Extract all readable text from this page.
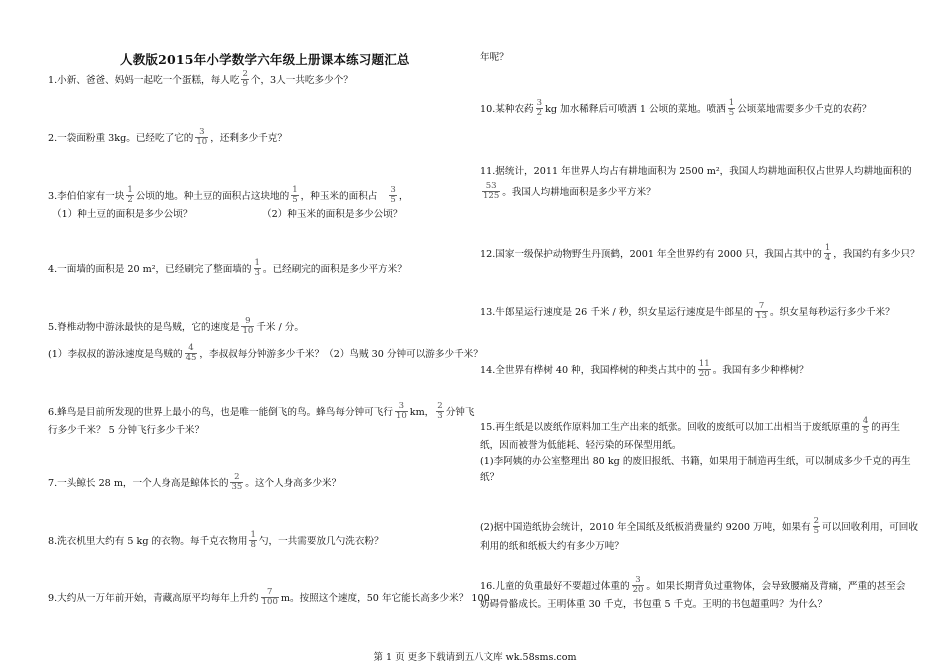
人教版2015年小学数学六年级上册课本练习题汇总
1.小新、爸爸、妈妈一起吃一个蛋糕，每人吃 $\frac{2}{9}$ 个，3人一共吃多少个？
2.一袋面粉重 3kg。已经吃了它的 $\frac{3}{10}$ ，还剩多少千克？
3.李伯伯家有一块 $\frac{1}{2}$ 公顷的地。种土豆的面积占这块地的 $\frac{1}{5}$ ，种玉米的面积占 $\frac{3}{5}$ ，
（1）种土豆的面积是多少公顷？	（2）种玉米的面积是多少公顷？
4.一面墙的面积是 20 m²，已经刷完了整面墙的 $\frac{1}{3}$ 。已经刷完的面积是多少平方米？
5.脊椎动物中游泳最快的是鸟贼，它的速度是 $\frac{9}{10}$ 千米 / 分。
(1）李叔叔的游泳速度是鸟贼的 $\frac{4}{45}$ ，李叔叔每分钟游多少千米？（2）鸟贼 30 分钟可以游多少千米？
6.蜂鸟是目前所发现的世界上最小的鸟，也是唯一能倒飞的鸟。蜂鸟每分钟可飞行 $\frac{3}{10}$ km， $\frac{2}{3}$ 分钟飞
行多少千米？ 5 分钟飞行多少千米？
7.一头鲸长 28 m，一个人身高是鲸体长的 $\frac{2}{35}$ 。这个人身高多少米？
8.洗衣机里大约有 5 kg 的衣物。每千克衣物用 $\frac{1}{8}$ 勺，一共需要放几勺洗衣粉？
9.大约从一万年前开始，青藏高原平均每年上升约 $\frac{7}{100}$ m。按照这个速度，50 年它能长高多少米？ 100
年呢？
10.某种农药 $\frac{3}{2}$ kg 加水稀释后可喷洒 1 公顷的菜地。喷洒 $\frac{1}{5}$ 公顷菜地需要多少千克的农药？
11.据统计，2011 年世界人均占有耕地面积为 2500 m²，我国人均耕地面积仅占世界人均耕地面积的
$\frac{53}{125}$ 。我国人均耕地面积是多少平方米？
12.国家一级保护动物野生丹顶鹤，2001 年全世界约有 2000 只，我国占其中的 $\frac{1}{4}$ ，我国约有多少只？
13.牛郎星运行速度是 26 千米 / 秒，织女星运行速度是牛郎星的 $\frac{7}{13}$ 。织女星每秒运行多少千米？
14.全世界有桦树 40 种，我国桦树的种类占其中的 $\frac{11}{20}$ 。我国有多少种桦树？
15.再生纸是以废纸作原料加工生产出来的纸张。回收的废纸可以加工出相当于废纸原重的 $\frac{4}{5}$ 的再生
纸，因而被誉为低能耗、轻污染的环保型用纸。
(1)李阿姨的办公室整理出 80 kg 的废旧报纸、书籍，如果用于制造再生纸，可以制成多少千克的再生
纸？
(2)据中国造纸协会统计，2010 年全国纸及纸板消费量约 9200 万吨，如果有 $\frac{2}{5}$ 可以回收利用，可回收
利用的纸和纸板大约有多少万吨？
16.儿童的负重最好不要超过体重的 $\frac{3}{20}$ 。如果长期背负过重物体，会导致腰痛及背痛，严重的甚至会
妨碍骨骼成长。王明体重 30 千克，书包重 5 千克。王明的书包超重吗？为什么？
第 1 页 更多下载请到五八文库 wk.58sms.com
